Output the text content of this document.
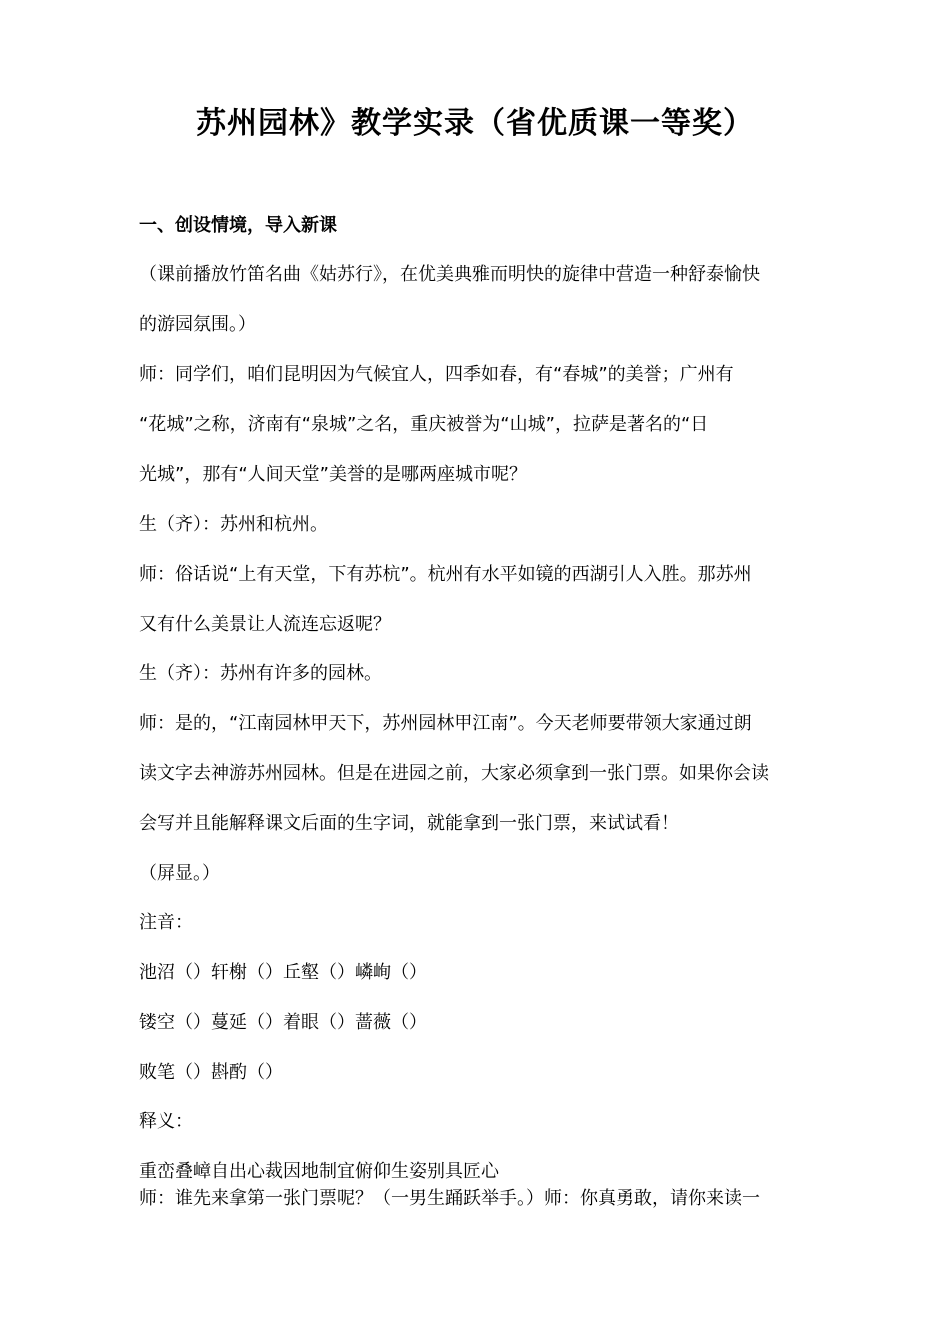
苏州园林》教学实录（省优质课一等奖）
一、创设情境，导入新课
（课前播放竹笛名曲《姑苏行》，在优美典雅而明快的旋律中营造一种舒泰愉快
的游园氛围。）
师：同学们，咱们昆明因为气候宜人，四季如春，有“春城”的美誉；广州有
“花城”之称，济南有“泉城”之名，重庆被誉为“山城”，拉萨是著名的“日
光城”，那有“人间天堂”美誉的是哪两座城市呢？
生（齐）：苏州和杭州。
师：俗话说“上有天堂，下有苏杭”。杭州有水平如镜的西湖引人入胜。那苏州
又有什么美景让人流连忘返呢？
生（齐）：苏州有许多的园林。
师：是的，“江南园林甲天下，苏州园林甲江南”。今天老师要带领大家通过朗
读文字去神游苏州园林。但是在进园之前，大家必须拿到一张门票。如果你会读
会写并且能解释课文后面的生字词，就能拿到一张门票，来试试看！
（屏显。）
注音：
池沼（）轩榭（）丘壑（）嶙峋（）
镂空（）蔓延（）着眼（）蔷薇（）
败笔（）斟酌（）
释义：
重峦叠嶂自出心裁因地制宜俯仰生姿别具匠心
师：谁先来拿第一张门票呢？（一男生踊跃举手。）师：你真勇敢，请你来读一
